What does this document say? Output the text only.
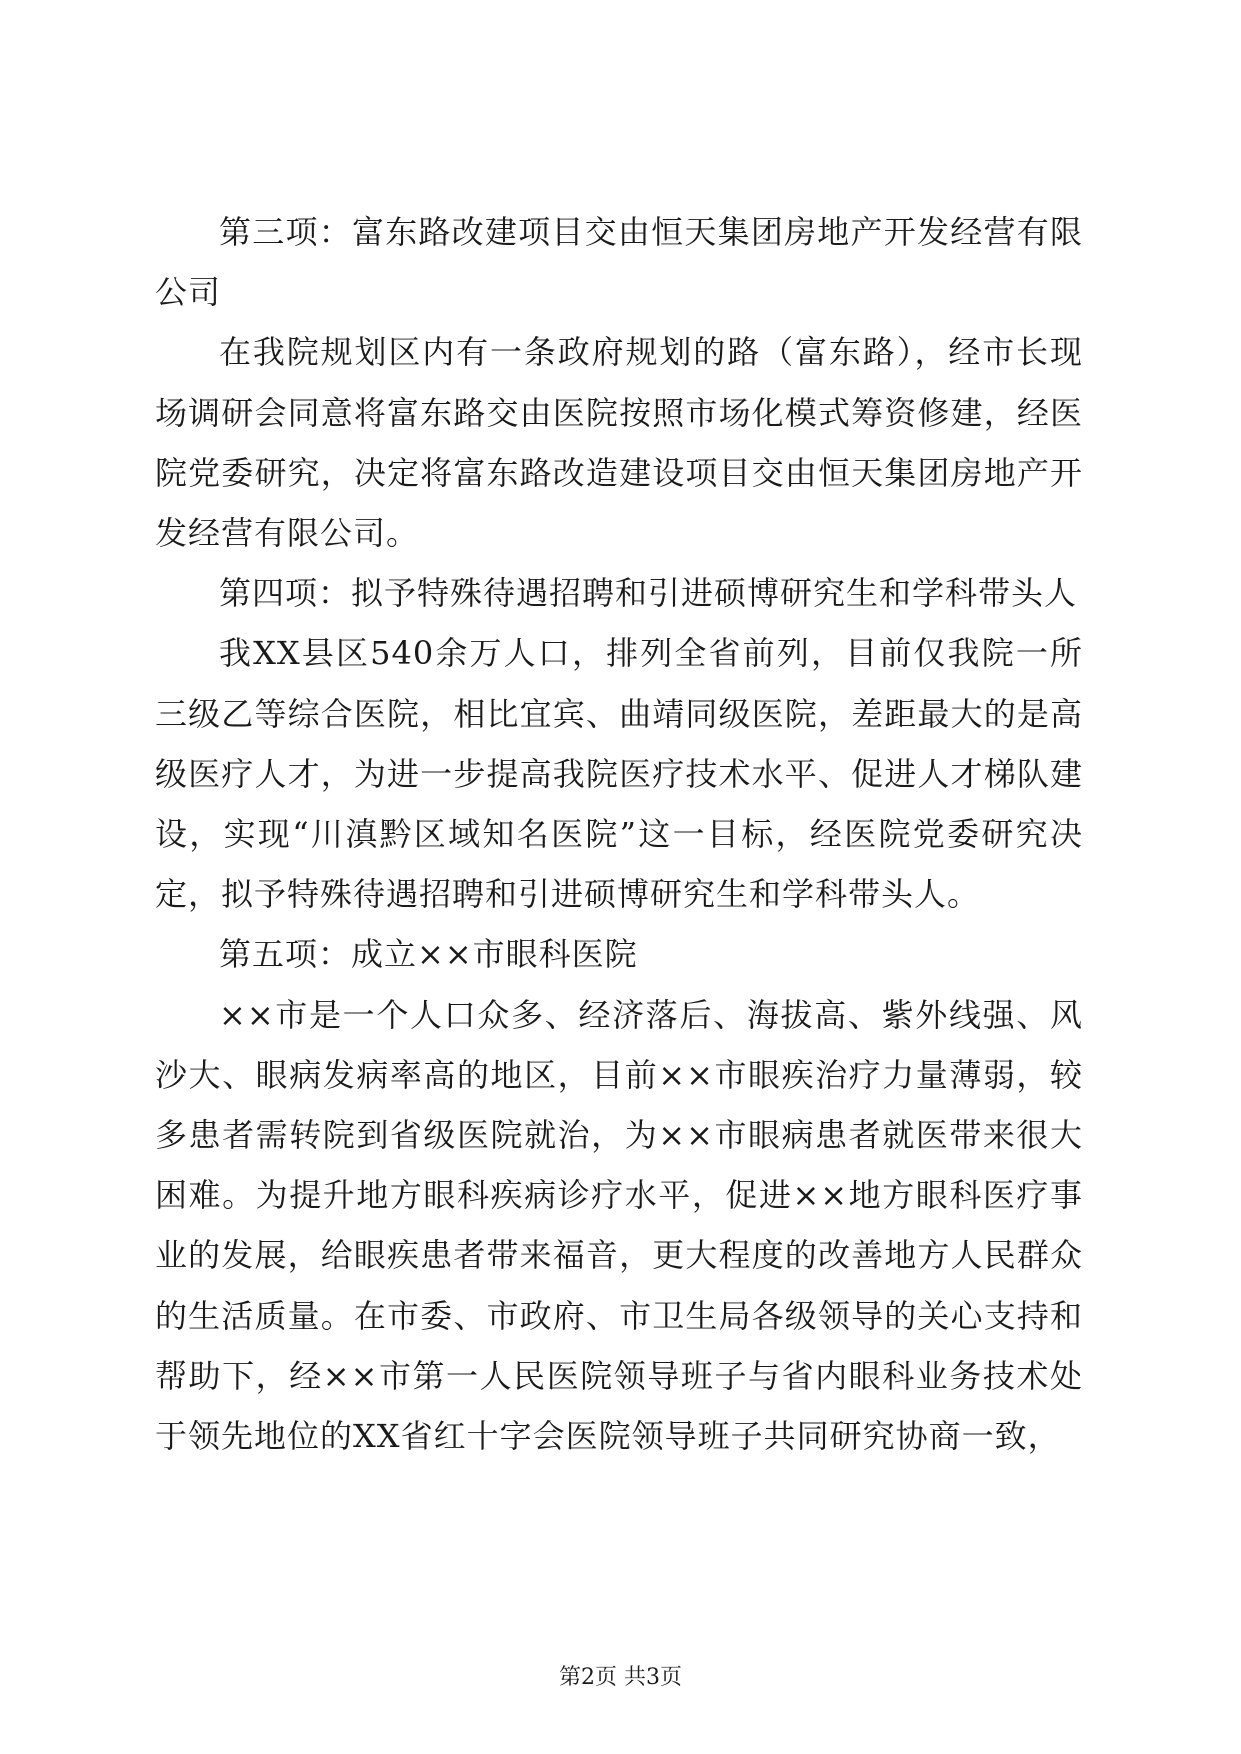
第三项：富东路改建项目交由恒天集团房地产开发经营有限公司

在我院规划区内有一条政府规划的路（富东路），经市长现场调研会同意将富东路交由医院按照市场化模式筹资修建，经医院党委研究，决定将富东路改造建设项目交由恒天集团房地产开发经营有限公司。

第四项：拟予特殊待遇招聘和引进硕博研究生和学科带头人

我XX县区540余万人口，排列全省前列，目前仅我院一所三级乙等综合医院，相比宜宾、曲靖同级医院，差距最大的是高级医疗人才，为进一步提高我院医疗技术水平、促进人才梯队建设，实现“川滇黔区域知名医院”这一目标，经医院党委研究决定，拟予特殊待遇招聘和引进硕博研究生和学科带头人。

第五项：成立××市眼科医院

××市是一个人口众多、经济落后、海拔高、紫外线强、风沙大、眼病发病率高的地区，目前××市眼疾治疗力量薄弱，较多患者需转院到省级医院就治，为××市眼病患者就医带来很大困难。为提升地方眼科疾病诊疗水平，促进××地方眼科医疗事业的发展，给眼疾患者带来福音，更大程度的改善地方人民群众的生活质量。在市委、市政府、市卫生局各级领导的关心支持和帮助下，经××市第一人民医院领导班子与省内眼科业务技术处于领先地位的XX省红十字会医院领导班子共同研究协商一致，

第2页 共3页
